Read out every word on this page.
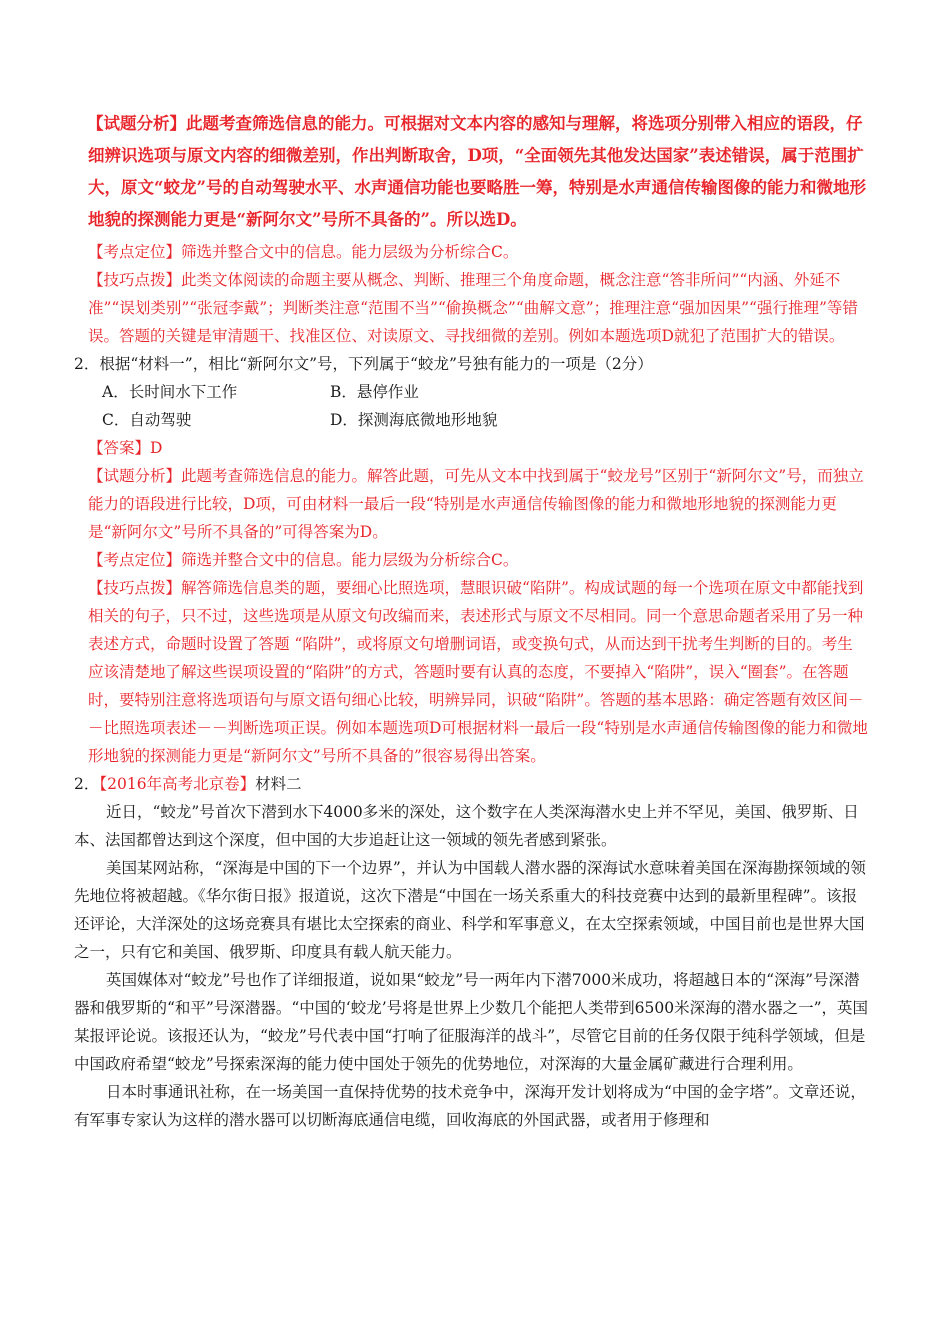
【试题分析】此题考查筛选信息的能力。可根据对文本内容的感知与理解，将选项分别带入相应的语段，仔细辨识选项与原文内容的细微差别，作出判断取舍，D项，“全面领先其他发达国家”表述错误，属于范围扩大，原文“蛟龙”号的自动驾驶水平、水声通信功能也要略胜一筹，特别是水声通信传输图像的能力和微地形地貌的探测能力更是“新阿尔文”号所不具备的”。所以选D。

【考点定位】筛选并整合文中的信息。能力层级为分析综合C。

【技巧点拨】此类文体阅读的命题主要从概念、判断、推理三个角度命题，概念注意“答非所问”“内涵、外延不准”“误划类别”“张冠李戴”；判断类注意“范围不当”“偷换概念”“曲解文意”；推理注意“强加因果”“强行推理”等错误。答题的关键是审清题干、找准区位、对读原文、寻找细微的差别。例如本题选项D就犯了范围扩大的错误。

2．根据“材料一”，相比“新阿尔文”号，下列属于“蛟龙”号独有能力的一项是（2分）

A．长时间水下工作	B．悬停作业
C．自动驾驶	D．探测海底微地形地貌

【答案】D

【试题分析】此题考查筛选信息的能力。解答此题，可先从文本中找到属于“蛟龙号”区别于“新阿尔文”号，而独立能力的语段进行比较，D项，可由材料一最后一段“特别是水声通信传输图像的能力和微地形地貌的探测能力更是“新阿尔文”号所不具备的”可得答案为D。

【考点定位】筛选并整合文中的信息。能力层级为分析综合C。

【技巧点拨】解答筛选信息类的题，要细心比照选项，慧眼识破“陷阱”。构成试题的每一个选项在原文中都能找到相关的句子，只不过，这些选项是从原文句改编而来，表述形式与原文不尽相同。同一个意思命题者采用了另一种表述方式，命题时设置了答题 “陷阱”，或将原文句增删词语，或变换句式，从而达到干扰考生判断的目的。考生应该清楚地了解这些误项设置的“陷阱”的方式，答题时要有认真的态度，不要掉入“陷阱”，误入“圈套”。在答题时，要特别注意将选项语句与原文语句细心比较，明辨异同，识破“陷阱”。答题的基本思路：确定答题有效区间－－比照选项表述－－判断选项正误。例如本题选项D可根据材料一最后一段“特别是水声通信传输图像的能力和微地形地貌的探测能力更是“新阿尔文”号所不具备的”很容易得出答案。

2．【2016年高考北京卷】材料二

近日，“蛟龙”号首次下潜到水下4000多米的深处，这个数字在人类深海潜水史上并不罕见，美国、俄罗斯、日本、法国都曾达到这个深度，但中国的大步追赶让这一领域的领先者感到紧张。

美国某网站称，“深海是中国的下一个边界”，并认为中国载人潜水器的深海试水意味着美国在深海勘探领域的领先地位将被超越。《华尔街日报》报道说，这次下潜是“中国在一场关系重大的科技竞赛中达到的最新里程碑”。该报还评论，大洋深处的这场竞赛具有堪比太空探索的商业、科学和军事意义，在太空探索领域，中国目前也是世界大国之一，只有它和美国、俄罗斯、印度具有载人航天能力。

英国媒体对“蛟龙”号也作了详细报道，说如果“蛟龙”号一两年内下潜7000米成功，将超越日本的“深海”号深潜器和俄罗斯的“和平”号深潜器。“中国的‘蛟龙’号将是世界上少数几个能把人类带到6500米深海的潜水器之一”，英国某报评论说。该报还认为，“蛟龙”号代表中国“打响了征服海洋的战斗”，尽管它目前的任务仅限于纯科学领域，但是中国政府希望“蛟龙”号探索深海的能力使中国处于领先的优势地位，对深海的大量金属矿藏进行合理利用。

日本时事通讯社称，在一场美国一直保持优势的技术竞争中，深海开发计划将成为“中国的金字塔”。文章还说，有军事专家认为这样的潜水器可以切断海底通信电缆，回收海底的外国武器，或者用于修理和
